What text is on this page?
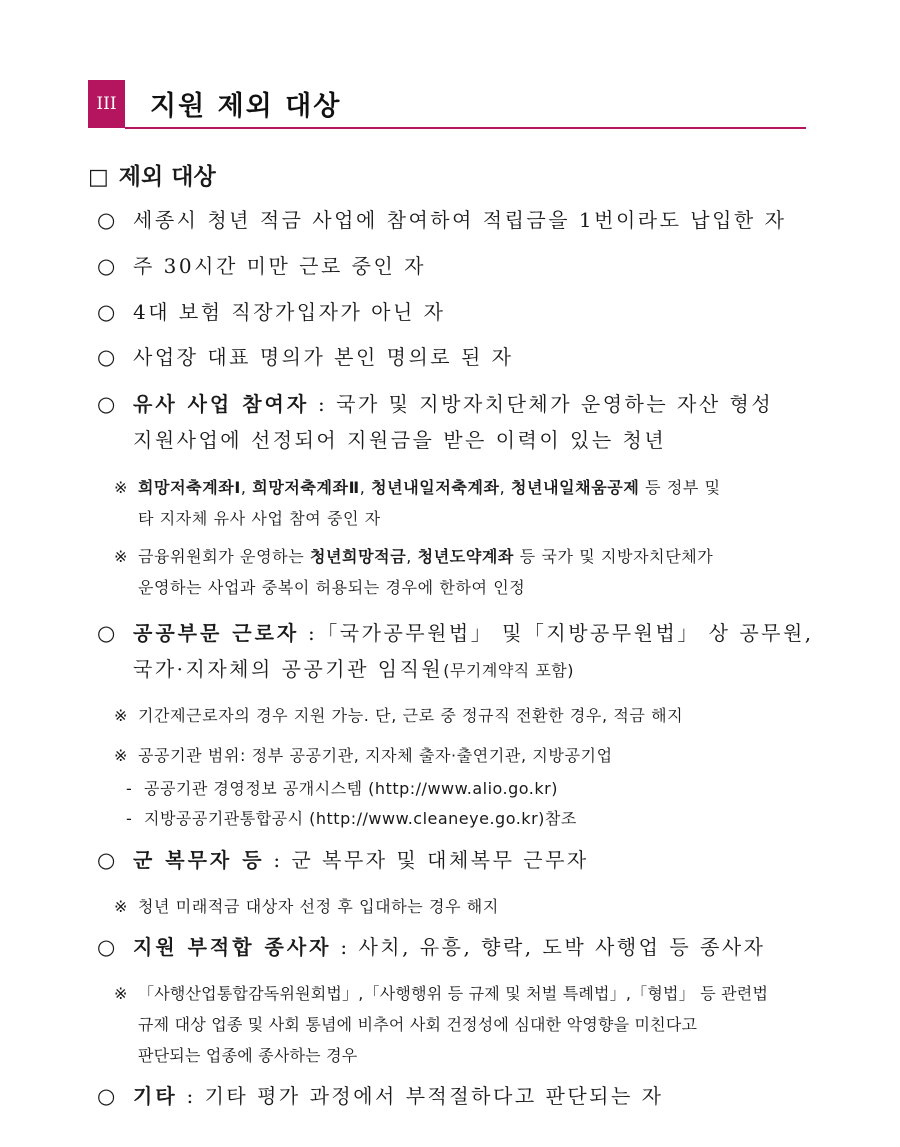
III	지원 제외 대상
□ 제외 대상
○ 세종시 청년 적금 사업에 참여하여 적립금을 1번이라도 납입한 자
○ 주 30시간 미만 근로 중인 자
○ 4대 보험 직장가입자가 아닌 자
○ 사업장 대표 명의가 본인 명의로 된 자
○ 유사 사업 참여자 : 국가 및 지방자치단체가 운영하는 자산 형성
지원사업에 선정되어 지원금을 받은 이력이 있는 청년
※ 희망저축계좌Ⅰ, 희망저축계좌Ⅱ, 청년내일저축계좌, 청년내일채움공제 등 정부 및
타 지자체 유사 사업 참여 중인 자
※ 금융위원회가 운영하는 청년희망적금, 청년도약계좌 등 국가 및 지방자치단체가
운영하는 사업과 중복이 허용되는 경우에 한하여 인정
○ 공공부문 근로자 :「국가공무원법」 및「지방공무원법」 상 공무원,
국가·지자체의 공공기관 임직원(무기계약직 포함)
※ 기간제근로자의 경우 지원 가능. 단, 근로 중 정규직 전환한 경우, 적금 해지
※ 공공기관 범위: 정부 공공기관, 지자체 출자·출연기관, 지방공기업
- 공공기관 경영정보 공개시스템 (http://www.alio.go.kr)
- 지방공공기관통합공시 (http://www.cleaneye.go.kr)참조
○ 군 복무자 등 : 군 복무자 및 대체복무 근무자
※ 청년 미래적금 대상자 선정 후 입대하는 경우 해지
○ 지원 부적합 종사자 : 사치, 유흥, 향락, 도박 사행업 등 종사자
※ 「사행산업통합감독위원회법」,「사행행위 등 규제 및 처벌 특례법」,「형법」 등 관련법
규제 대상 업종 및 사회 통념에 비추어 사회 건정성에 심대한 악영향을 미친다고
판단되는 업종에 종사하는 경우
○ 기타 : 기타 평가 과정에서 부적절하다고 판단되는 자
